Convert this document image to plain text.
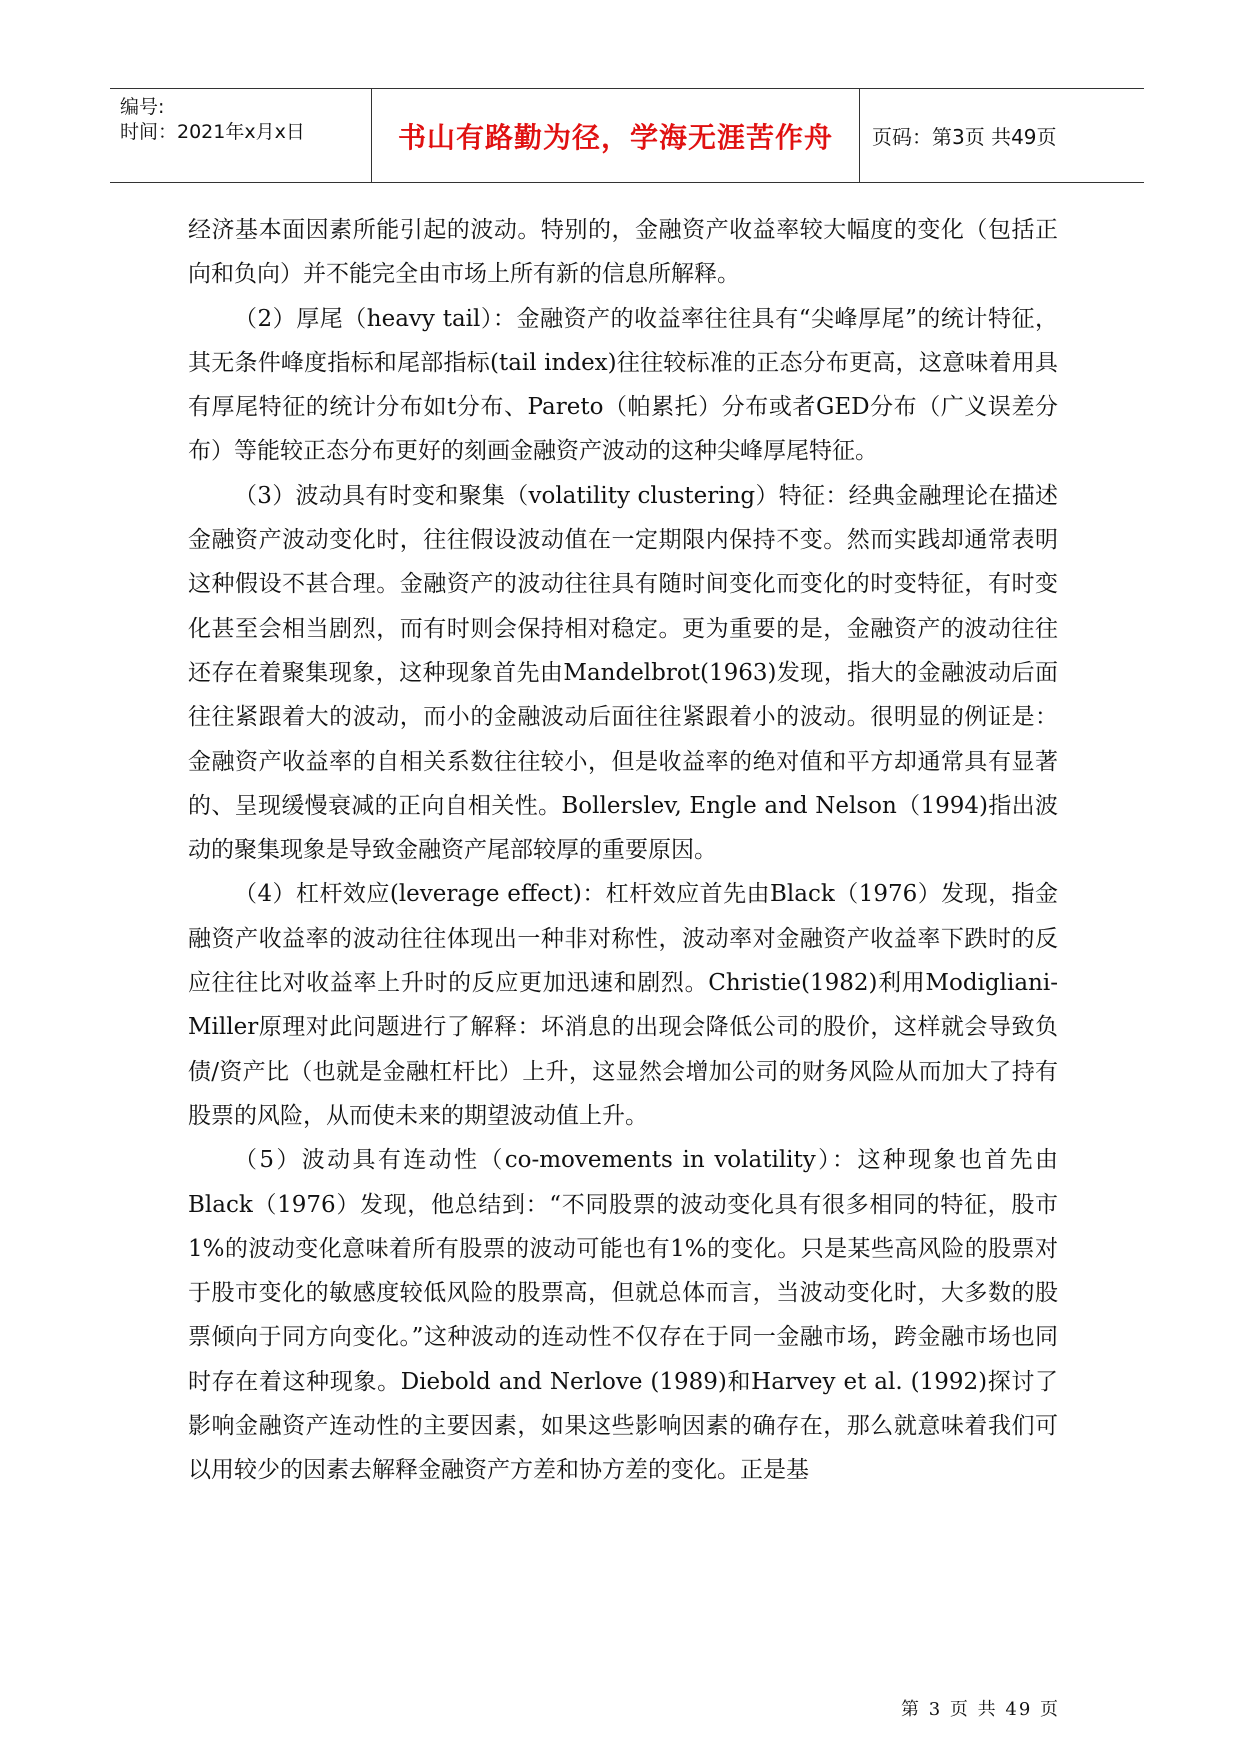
编号:
时间：2021年x月x日	书山有路勤为径，学海无涯苦作舟	页码：第3页 共49页

经济基本面因素所能引起的波动。特别的，金融资产收益率较大幅度的变化（包括正向和负向）并不能完全由市场上所有新的信息所解释。

（2）厚尾（heavy tail）：金融资产的收益率往往具有“尖峰厚尾”的统计特征，其无条件峰度指标和尾部指标(tail index)往往较标准的正态分布更高，这意味着用具有厚尾特征的统计分布如t分布、Pareto（帕累托）分布或者GED分布（广义误差分布）等能较正态分布更好的刻画金融资产波动的这种尖峰厚尾特征。

（3）波动具有时变和聚集（volatility clustering）特征：经典金融理论在描述金融资产波动变化时，往往假设波动值在一定期限内保持不变。然而实践却通常表明这种假设不甚合理。金融资产的波动往往具有随时间变化而变化的时变特征，有时变化甚至会相当剧烈，而有时则会保持相对稳定。更为重要的是，金融资产的波动往往还存在着聚集现象，这种现象首先由Mandelbrot(1963)发现，指大的金融波动后面往往紧跟着大的波动，而小的金融波动后面往往紧跟着小的波动。很明显的例证是：金融资产收益率的自相关系数往往较小，但是收益率的绝对值和平方却通常具有显著的、呈现缓慢衰减的正向自相关性。Bollerslev, Engle and Nelson（1994)指出波动的聚集现象是导致金融资产尾部较厚的重要原因。

（4）杠杆效应(leverage effect)：杠杆效应首先由Black（1976）发现，指金融资产收益率的波动往往体现出一种非对称性，波动率对金融资产收益率下跌时的反应往往比对收益率上升时的反应更加迅速和剧烈。Christie(1982)利用Modigliani-Miller原理对此问题进行了解释：坏消息的出现会降低公司的股价，这样就会导致负债/资产比（也就是金融杠杆比）上升，这显然会增加公司的财务风险从而加大了持有股票的风险，从而使未来的期望波动值上升。

（5）波动具有连动性（co-movements in volatility）：这种现象也首先由Black（1976）发现，他总结到：“不同股票的波动变化具有很多相同的特征，股市1%的波动变化意味着所有股票的波动可能也有1%的变化。只是某些高风险的股票对于股市变化的敏感度较低风险的股票高，但就总体而言，当波动变化时，大多数的股票倾向于同方向变化。”这种波动的连动性不仅存在于同一金融市场，跨金融市场也同时存在着这种现象。Diebold and Nerlove (1989)和Harvey et al. (1992)探讨了影响金融资产连动性的主要因素，如果这些影响因素的确存在，那么就意味着我们可以用较少的因素去解释金融资产方差和协方差的变化。正是基

第 3 页 共 49 页
